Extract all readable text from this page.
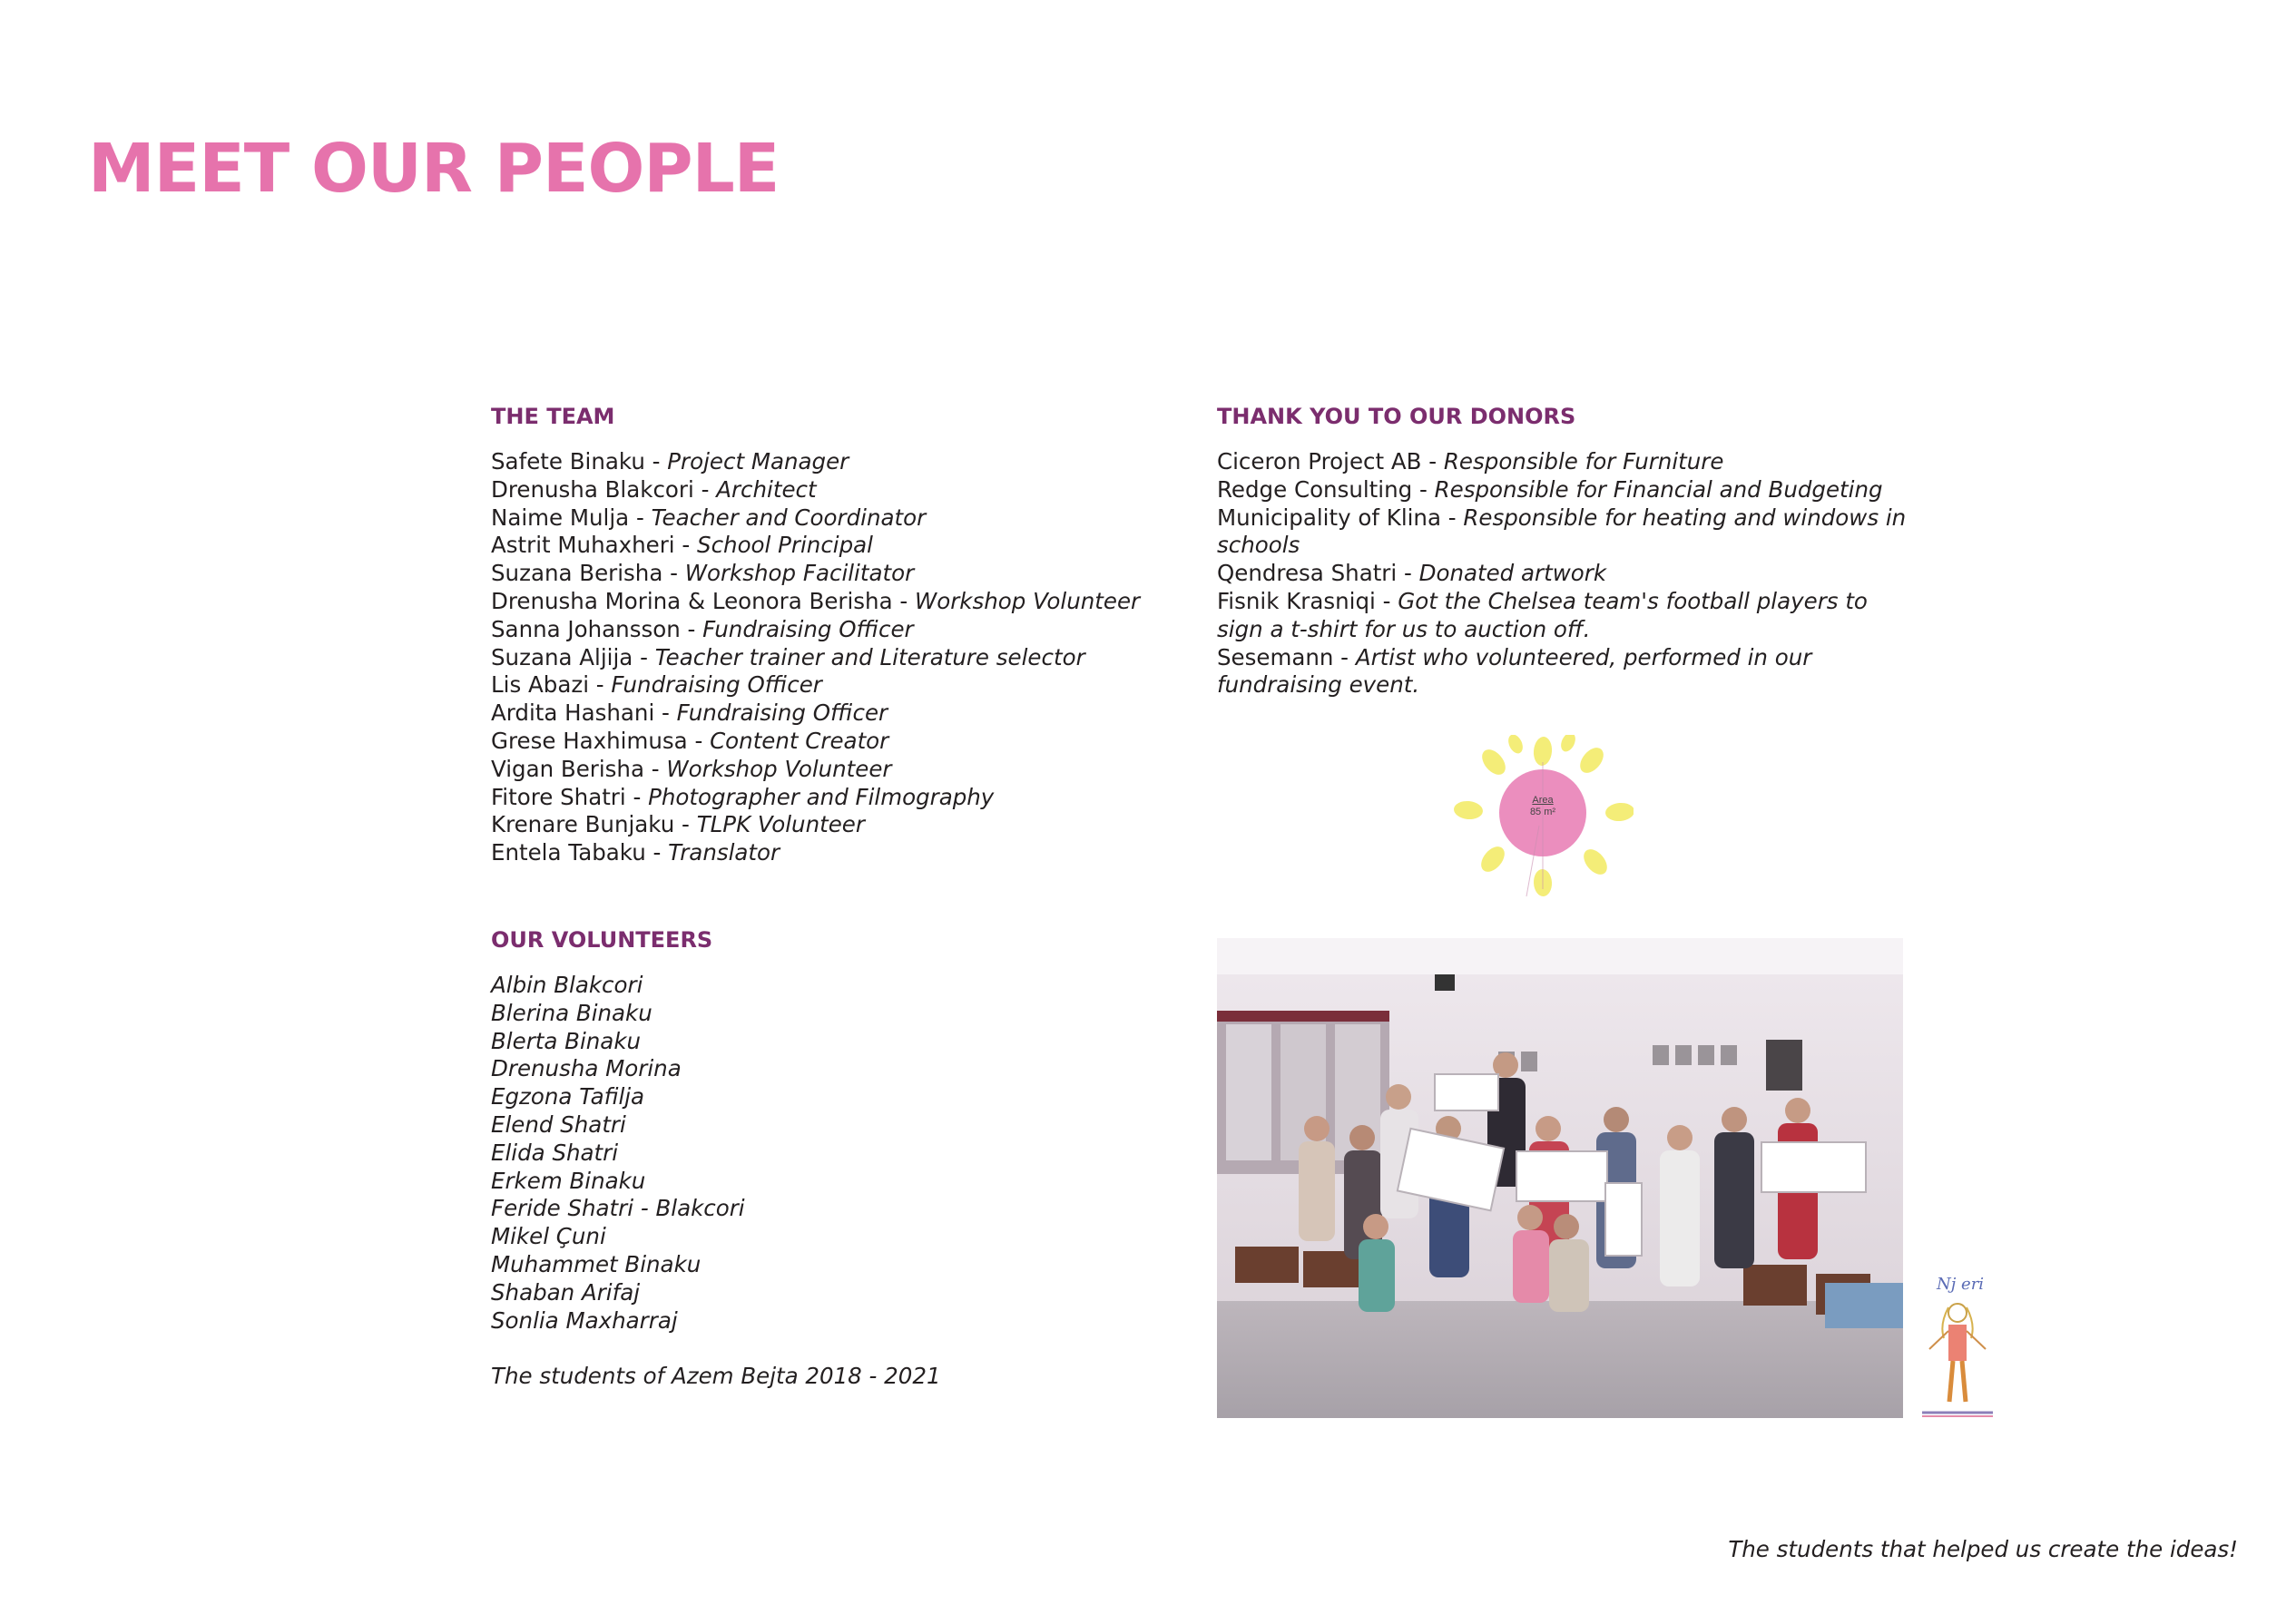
MEET OUR PEOPLE
THE TEAM
Safete Binaku - Project Manager
Drenusha Blakcori - Architect
Naime Mulja - Teacher and Coordinator
Astrit Muhaxheri - School Principal
Suzana Berisha - Workshop Facilitator
Drenusha Morina & Leonora Berisha - Workshop Volunteer
Sanna Johansson - Fundraising Officer
Suzana Aljija - Teacher trainer and Literature selector
Lis Abazi - Fundraising Officer
Ardita Hashani - Fundraising Officer
Grese Haxhimusa - Content Creator
Vigan Berisha - Workshop Volunteer
Fitore Shatri - Photographer and Filmography
Krenare Bunjaku - TLPK Volunteer
Entela Tabaku - Translator
OUR VOLUNTEERS
Albin Blakcori
Blerina Binaku
Blerta Binaku
Drenusha Morina
Egzona Tafilja
Elend Shatri
Elida Shatri
Erkem Binaku
Feride Shatri - Blakcori
Mikel Çuni
Muhammet Binaku
Shaban Arifaj
Sonlia Maxharraj
The students of Azem Bejta 2018 - 2021
THANK YOU TO OUR DONORS
Ciceron Project AB - Responsible for Furniture
Redge Consulting - Responsible for Financial and Budgeting
Municipality of Klina - Responsible for heating and windows in schools
Qendresa Shatri - Donated artwork
Fisnik Krasniqi - Got the Chelsea team's football players to sign a t-shirt for us to auction off.
Sesemann - Artist who volunteered, performed in our fundraising event.
Area
85 m²
Nj eri
The students that helped us create the ideas!
